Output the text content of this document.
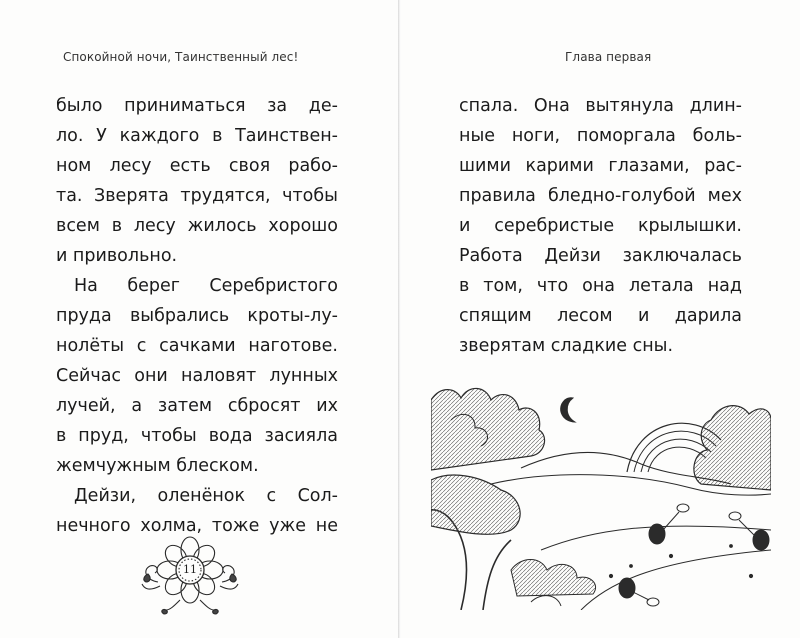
Спокойной ночи, Таинственный лес!
было приниматься за де-
ло. У каждого в Таинствен-
ном лесу есть своя рабо-
та. Зверята трудятся, чтобы
всем в лесу жилось хорошо
и привольно.
На берег Серебристого
пруда выбрались кроты-лу-
нолёты с сачками наготове.
Сейчас они наловят лунных
лучей, а затем сбросят их
в пруд, чтобы вода засияла
жемчужным блеском.
Дейзи, оленёнок с Сол-
нечного холма, тоже уже не
11
Глава первая
спала. Она вытянула длин-
ные ноги, поморгала боль-
шими карими глазами, рас-
правила бледно-голубой мех
и серебристые крылышки.
Работа Дейзи заключалась
в том, что она летала над
спящим лесом и дарила
зверятам сладкие сны.
